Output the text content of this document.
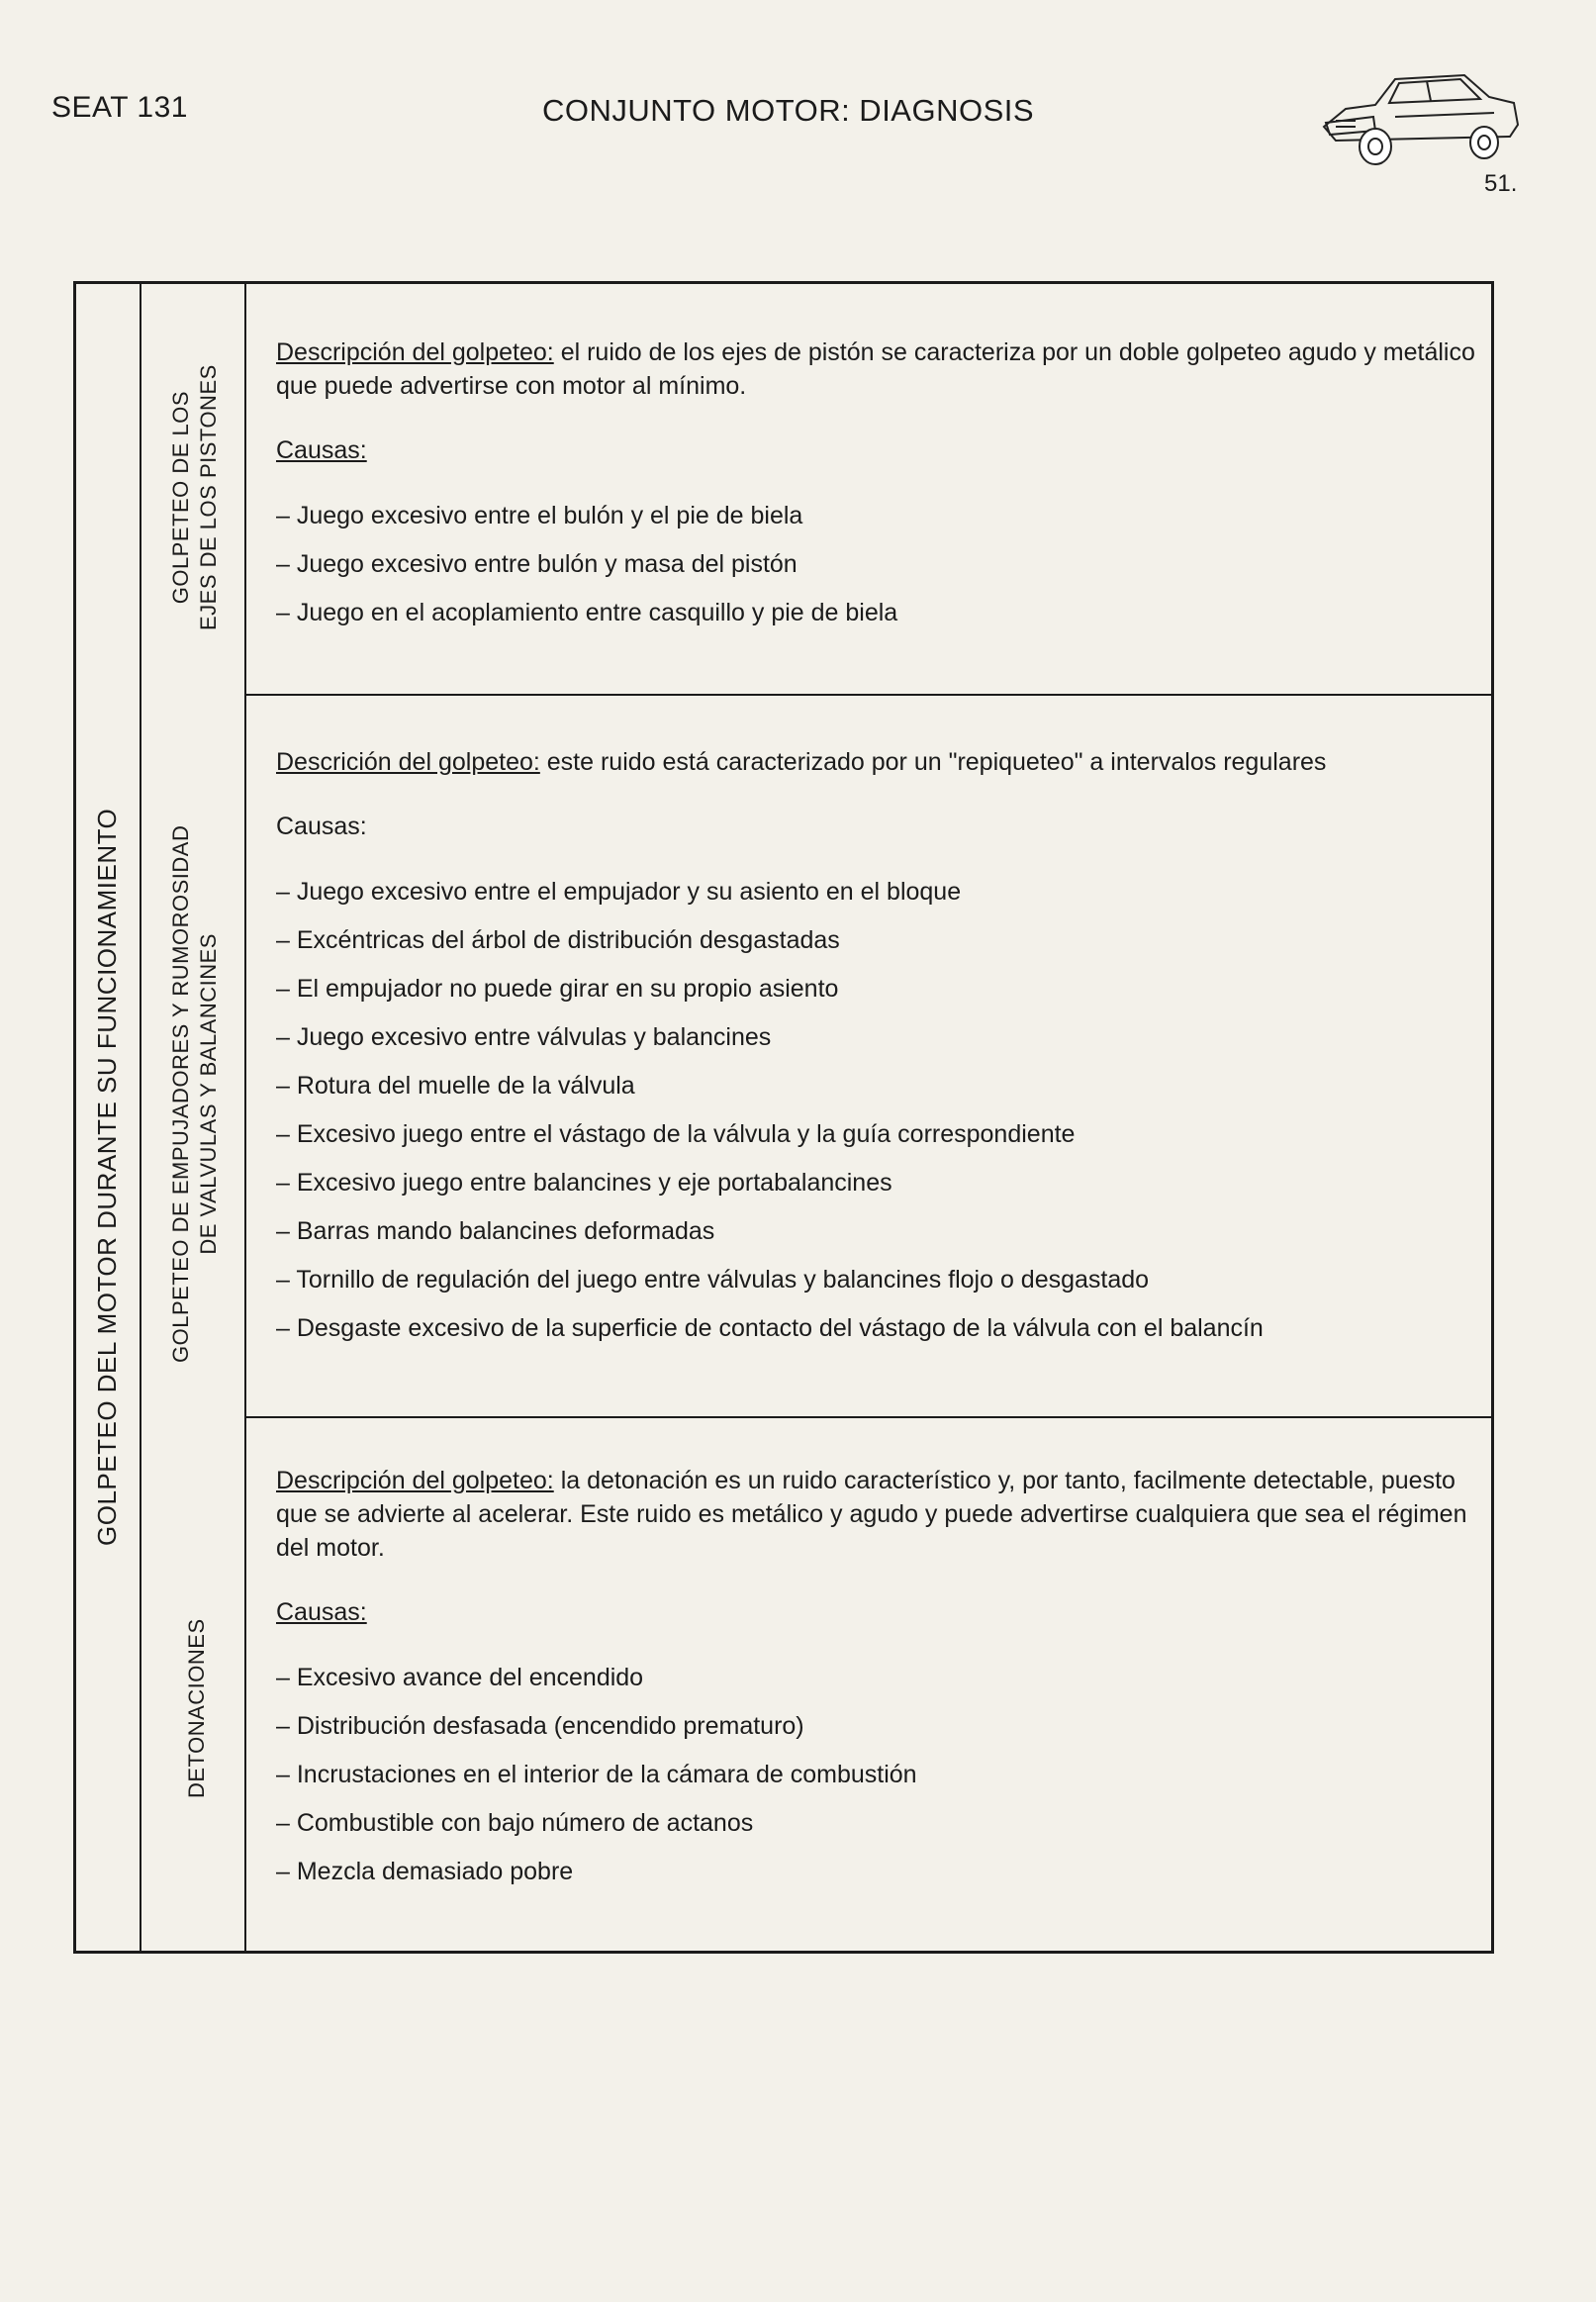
SEAT 131	CONJUNTO MOTOR: DIAGNOSIS
51.
GOLPETEO DEL MOTOR DURANTE SU FUNCIONAMIENTO
GOLPETEO DE LOS EJES DE LOS PISTONES
GOLPETEO DE EMPUJADORES Y RUMOROSIDAD DE VALVULAS Y BALANCINES
DETONACIONES
Descripción del golpeteo: el ruido de los ejes de pistón se caracteriza por un doble golpeteo agudo y metálico que puede advertirse con motor al mínimo.
Causas:
– Juego excesivo entre el bulón y el pie de biela
– Juego excesivo entre bulón y masa del pistón
– Juego en el acoplamiento entre casquillo y pie de biela
Descrición del golpeteo: este ruido está caracterizado por un "repiqueteo" a intervalos regulares
Causas:
– Juego excesivo entre el empujador y su asiento en el bloque
– Excéntricas del árbol de distribución desgastadas
– El empujador no puede girar en su propio asiento
– Juego excesivo entre válvulas y balancines
– Rotura del muelle de la válvula
– Excesivo juego entre el vástago de la válvula y la guía correspondiente
– Excesivo juego entre balancines y eje portabalancines
– Barras mando balancines deformadas
– Tornillo de regulación del juego entre válvulas y balancines flojo o desgastado
– Desgaste excesivo de la superficie de contacto del vástago de la válvula con el balancín
Descripción del golpeteo: la detonación es un ruido característico y, por tanto, facilmente detectable, puesto que se advierte al acelerar. Este ruido es metálico y agudo y puede advertirse cualquiera que sea el régimen del motor.
Causas:
– Excesivo avance del encendido
– Distribución desfasada (encendido prematuro)
– Incrustaciones en el interior de la cámara de combustión
– Combustible con bajo número de actanos
– Mezcla demasiado pobre
